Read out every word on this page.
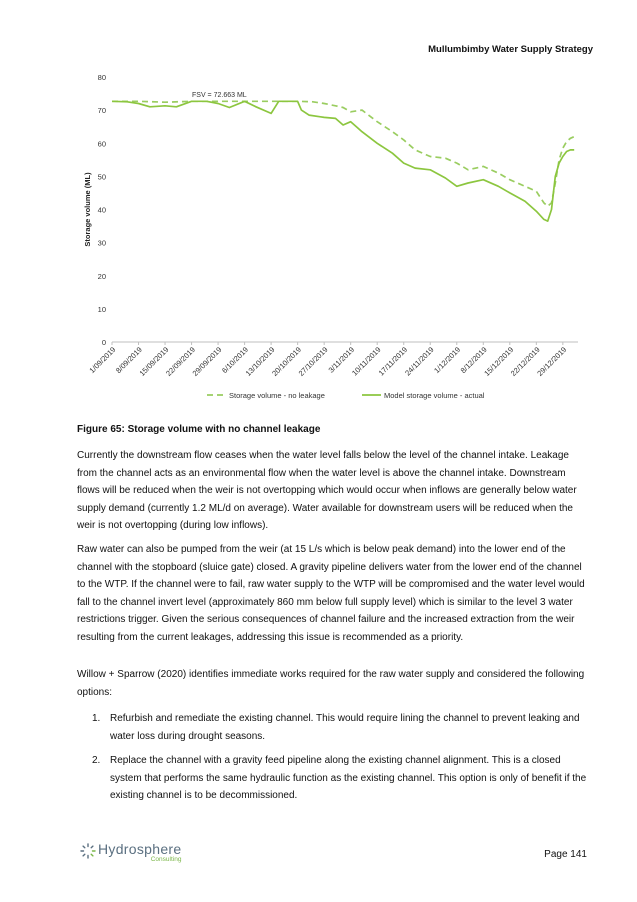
Mullumbimby Water Supply Strategy
0
10
20
30
40
50
60
70
80
1/09/2019
8/09/2019
15/09/2019
22/09/2019
29/09/2019
6/10/2019
13/10/2019
20/10/2019
27/10/2019
3/11/2019
10/11/2019
17/11/2019
24/11/2019
1/12/2019
8/12/2019
15/12/2019
22/12/2019
29/12/2019
Storage volume (ML)
FSV = 72.663 ML
Storage volume - no leakage	Model storage volume - actual
Figure 65: Storage volume with no channel leakage

Currently the downstream flow ceases when the water level falls below the level of the channel intake. Leakage from the channel acts as an environmental flow when the water level is above the channel intake. Downstream flows will be reduced when the weir is not overtopping which would occur when inflows are generally below water supply demand (currently 1.2 ML/d on average). Water available for downstream users will be reduced when the weir is not overtopping (during low inflows).

Raw water can also be pumped from the weir (at 15 L/s which is below peak demand) into the lower end of the channel with the stopboard (sluice gate) closed. A gravity pipeline delivers water from the lower end of the channel to the WTP. If the channel were to fail, raw water supply to the WTP will be compromised and the water level would fall to the channel invert level (approximately 860 mm below full supply level) which is similar to the level 3 water restrictions trigger. Given the serious consequences of channel failure and the increased extraction from the weir resulting from the current leakages, addressing this issue is recommended as a priority.

Willow + Sparrow (2020) identifies immediate works required for the raw water supply and considered the following options:

1. Refurbish and remediate the existing channel. This would require lining the channel to prevent leaking and water loss during drought seasons.
2. Replace the channel with a gravity feed pipeline along the existing channel alignment. This is a closed system that performs the same hydraulic function as the existing channel. This option is only of benefit if the existing channel is to be decommissioned.
Hydrosphere
Consulting	Page 141
